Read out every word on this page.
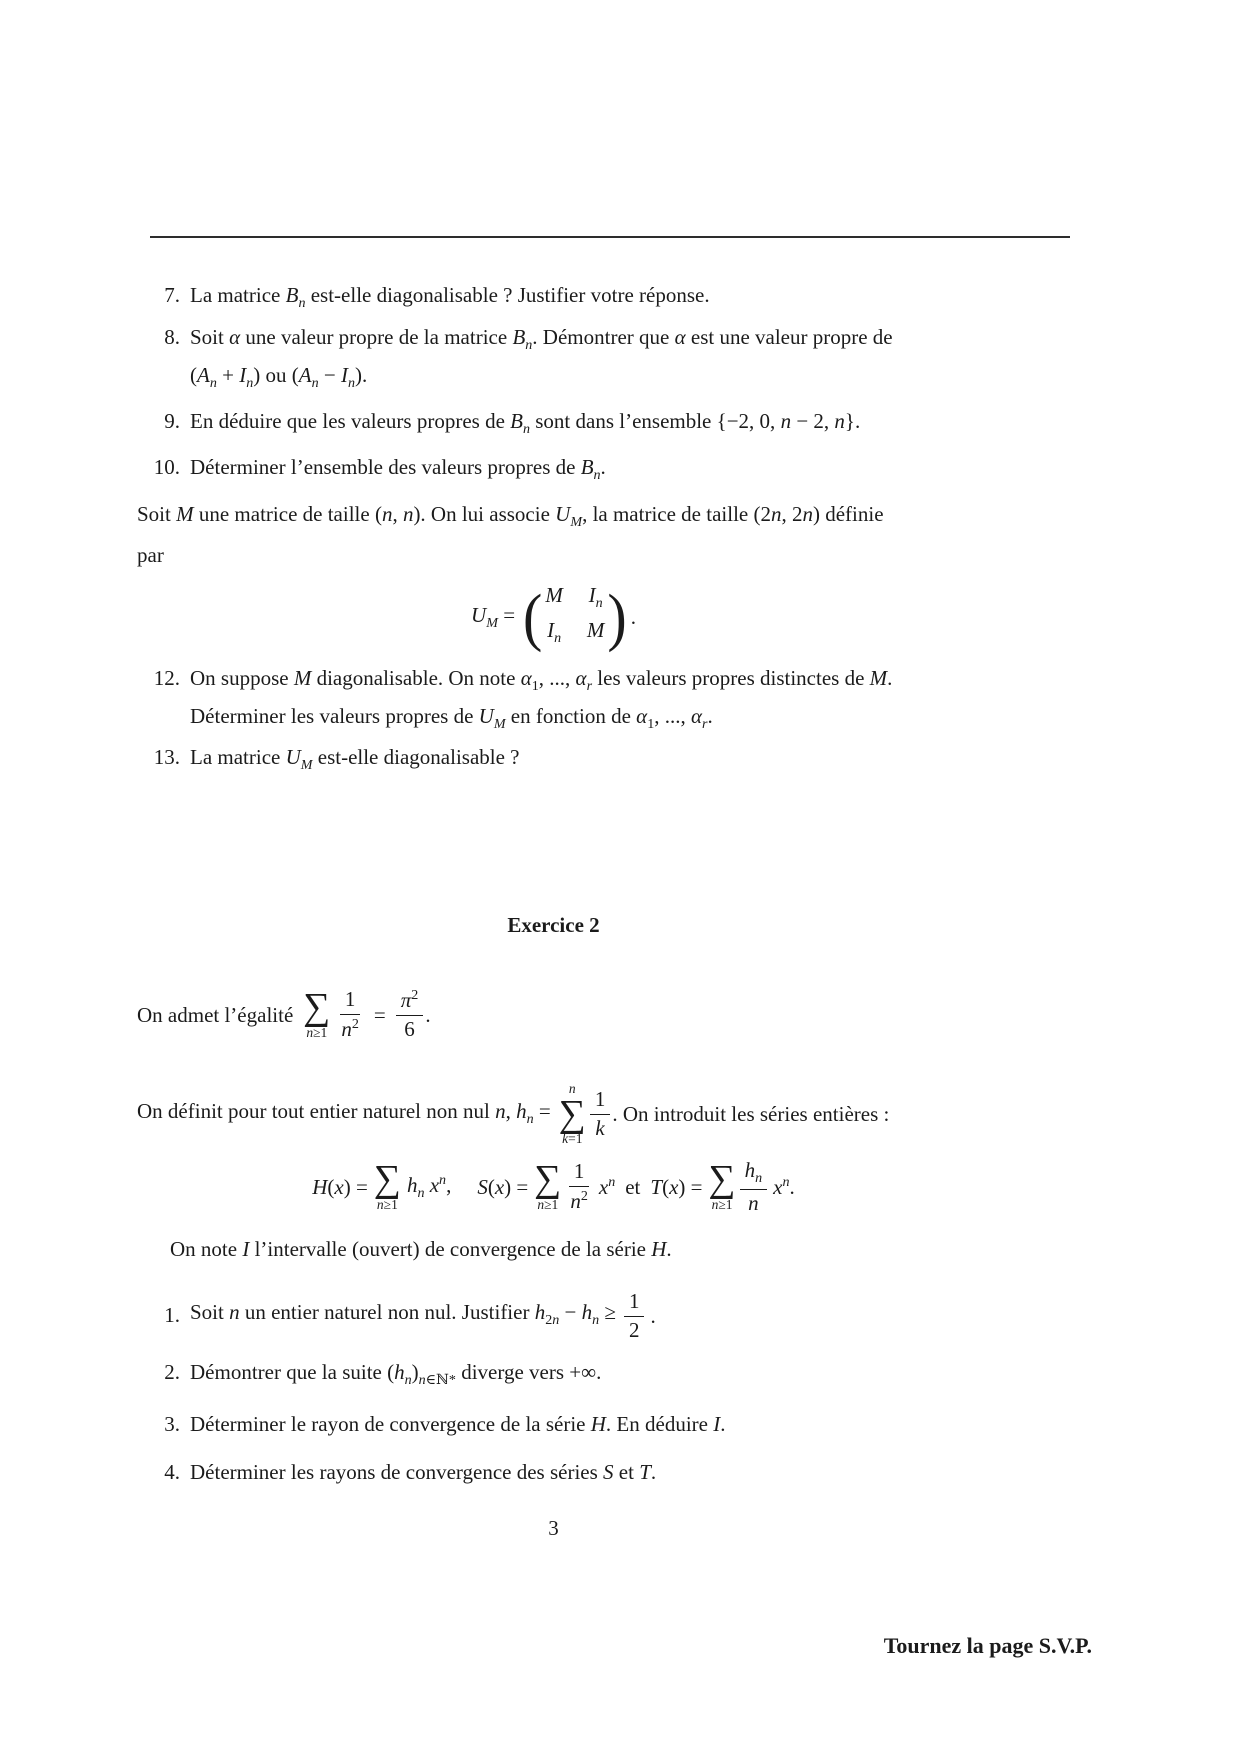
7. La matrice $B_n$ est-elle diagonalisable ? Justifier votre réponse.
8. Soit α une valeur propre de la matrice $B_n$. Démontrer que α est une valeur propre de
$(A_n + I_n)$ ou $(A_n - I_n)$.
9. En déduire que les valeurs propres de $B_n$ sont dans l’ensemble {−2, 0, n − 2, n}.
10. Déterminer l’ensemble des valeurs propres de $B_n$.
Soit M une matrice de taille (n, n). On lui associe $U_M$, la matrice de taille (2n, 2n) définie
par
$U_M$ = ( M $I_n$
$I_n$ M ) .
12. On suppose M diagonalisable. On note $\alpha_1$, ..., $\alpha_r$ les valeurs propres distinctes de M.
Déterminer les valeurs propres de $U_M$ en fonction de $\alpha_1$, ..., $\alpha_r$.
13. La matrice $U_M$ est-elle diagonalisable ?
Exercice 2
On admet l’égalité ∑
$n\ge 1 \frac{1}{n^2} = \frac{\pi^2}{6}$ .
On définit pour tout entier naturel non nul n, $h_n$ =
n
∑
$k=1 \frac{1}{k}$ . On introduit les séries entières :
H(x) = ∑
n≥1
$h_n$ $x^n$, S(x) = ∑
$n\ge 1 \frac{1}{n^2} x^n$ et T(x) = ∑
$n\ge 1 \frac{h_n}{n} x^n$.
On note I l’intervalle (ouvert) de convergence de la série H.
1. Soit n un entier naturel non nul. Justifier $h_{2n} - h_n \ge \frac{1}{2}$ .
2. Démontrer que la suite $(h_n)_{n\in ℕ*}$ diverge vers +∞.
3. Déterminer le rayon de convergence de la série H. En déduire I.
4. Déterminer les rayons de convergence des séries S et T.
3
Tournez la page S.V.P.
